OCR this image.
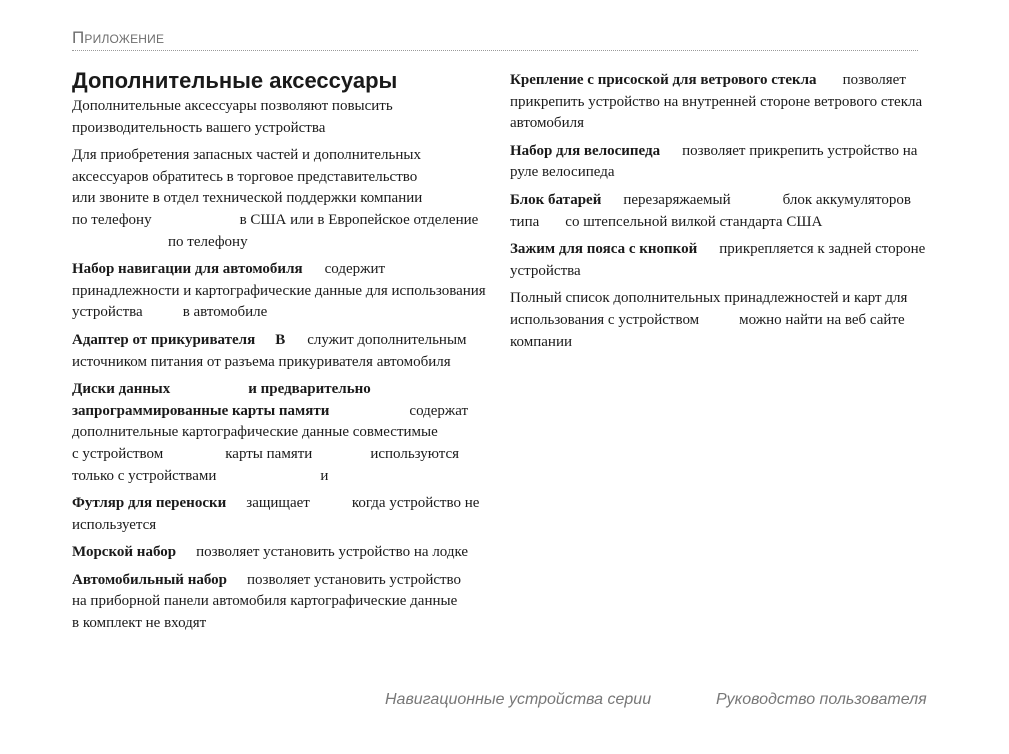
Приложение
Дополнительные аксессуары

Дополнительные аксессуары позволяют повысить
производительность вашего устройства

Для приобретения запасных частей и дополнительных
аксессуаров обратитесь в торговое представительство
или звоните в отдел технической поддержки компании
по телефону	в США или в Европейское отделение
по телефону

Набор навигации для автомобиля содержит
принадлежности и картографические данные для использования
устройства	в автомобиле

Адаптер от прикуривателя В служит дополнительным
источником питания от разъема прикуривателя автомобиля

Диски данных	и предварительно
запрограммированные карты памяти	содержат
дополнительные картографические данные совместимые
с устройством	карты памяти	используются
только с устройствами	и

Футляр для переноски защищает	когда устройство не
используется

Морской набор позволяет установить устройство на лодке

Автомобильный набор позволяет установить устройство
на приборной панели автомобиля картографические данные
в комплект не входят

Крепление с присоской для ветрового стекла позволяет
прикрепить устройство на внутренней стороне ветрового стекла
автомобиля

Набор для велосипеда позволяет прикрепить устройство на
руле велосипеда

Блок батарей перезаряжаемый	блок аккумуляторов
типа со штепсельной вилкой стандарта США

Зажим для пояса с кнопкой прикрепляется к задней стороне
устройства

Полный список дополнительных принадлежностей и карт для
использования с устройством	можно найти на веб сайте
компании

Навигационные устройства серии	Руководство пользователя
